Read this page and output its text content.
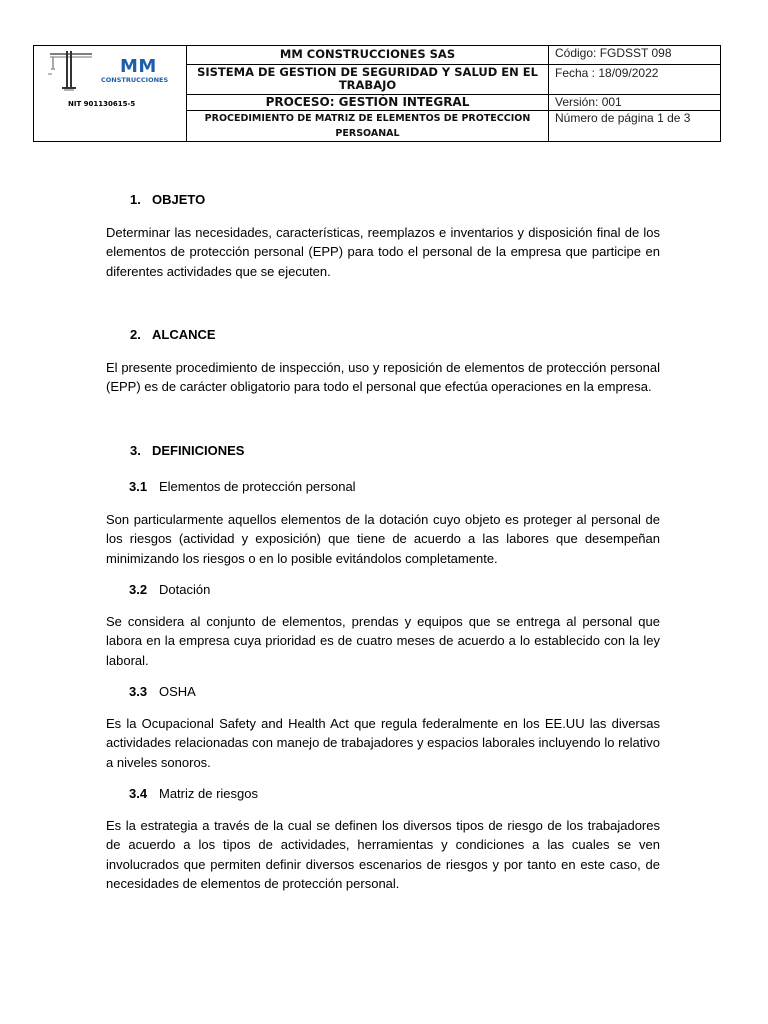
MM
CONSTRUCCIONES
NIT 901130615-5	MM CONSTRUCCIONES SAS	Código: FGDSST 098
	SISTEMA DE GESTION DE SEGURIDAD Y SALUD EN EL TRABAJO	Fecha : 18/09/2022
	PROCESO: GESTIÓN INTEGRAL	Versión: 001
	PROCEDIMIENTO DE MATRIZ DE ELEMENTOS DE PROTECCION PERSOANAL	Número de página 1 de 3
1. OBJETO
Determinar las necesidades, características, reemplazos e inventarios y disposición final de los elementos de protección personal (EPP) para todo el personal de la empresa que participe en diferentes actividades que se ejecuten.
2. ALCANCE
El presente procedimiento de inspección, uso y reposición de elementos de protección personal (EPP) es de carácter obligatorio para todo el personal que efectúa operaciones en la empresa.
3. DEFINICIONES
3.1 Elementos de protección personal
Son particularmente aquellos elementos de la dotación cuyo objeto es proteger al personal de los riesgos (actividad y exposición) que tiene de acuerdo a las labores que desempeñan minimizando los riesgos o en lo posible evitándolos completamente.
3.2 Dotación
Se considera al conjunto de elementos, prendas y equipos que se entrega al personal que labora en la empresa cuya prioridad es de cuatro meses de acuerdo a lo establecido con la ley laboral.
3.3 OSHA
Es la Ocupacional Safety and Health Act que regula federalmente en los EE.UU las diversas actividades relacionadas con manejo de trabajadores y espacios laborales incluyendo lo relativo a niveles sonoros.
3.4 Matriz de riesgos
Es la estrategia a través de la cual se definen los diversos tipos de riesgo de los trabajadores de acuerdo a los tipos de actividades, herramientas y condiciones a las cuales se ven involucrados que permiten definir diversos escenarios de riesgos y por tanto en este caso, de necesidades de elementos de protección personal.
